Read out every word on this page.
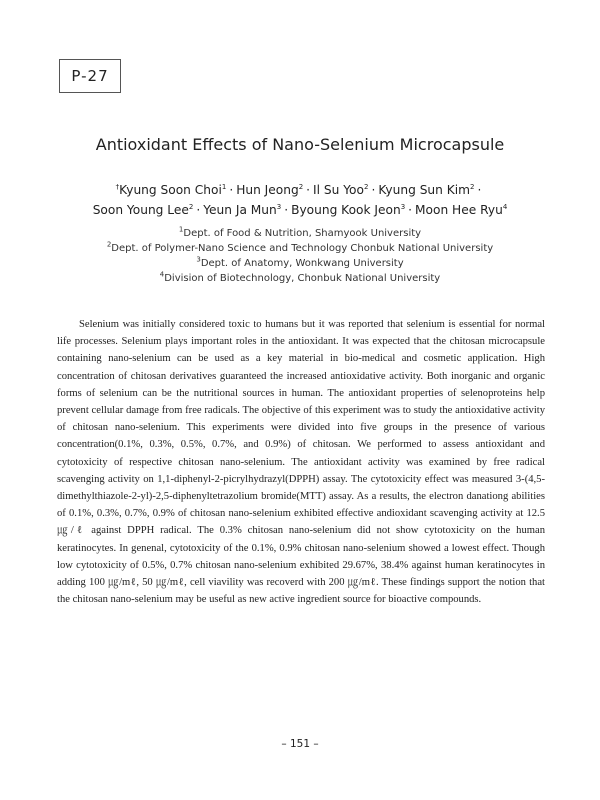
P-27
Antioxidant Effects of Nano-Selenium Microcapsule
†Kyung Soon Choi$^1$ · Hun Jeong$^2$ · Il Su Yoo$^2$ · Kyung Sun Kim$^2$ ·
Soon Young Lee$^2$ · Yeun Ja Mun$^3$ · Byoung Kook Jeon$^3$ · Moon Hee Ryu$^4$
$^1$Dept. of Food & Nutrition, Shamyook University
$^2$Dept. of Polymer-Nano Science and Technology Chonbuk National University
$^3$Dept. of Anatomy, Wonkwang University
$^4$Division of Biotechnology, Chonbuk National University

Selenium was initially considered toxic to humans but it was reported that selenium is essential for normal life processes. Selenium plays important roles in the antioxidant. It was expected that the chitosan microcapsule containing nano-selenium can be used as a key material in bio-medical and cosmetic application. High concentration of chitosan derivatives guaranteed the increased antioxidative activity. Both inorganic and organic forms of selenium can be the nutritional sources in human. The antioxidant properties of selenoproteins help prevent cellular damage from free radicals. The objective of this experiment was to study the antioxidative activity of chitosan nano-selenium. This experiments were divided into five groups in the presence of various concentration(0.1%, 0.3%, 0.5%, 0.7%, and 0.9%) of chitosan. We performed to assess antioxidant and cytotoxicity of respective chitosan nano-selenium. The antioxidant activity was examined by free radical scavenging activity on 1,1-diphenyl-2-picrylhydrazyl(DPPH) assay. The cytotoxicity effect was measured 3-(4,5-dimethylthiazole-2-yl)-2,5-diphenyltetrazolium bromide(MTT) assay. As a results, the electron danationg abilities of 0.1%, 0.3%, 0.7%, 0.9% of chitosan nano-selenium exhibited effective andioxidant scavenging activity at 12.5 ㎍/ℓ against DPPH radical. The 0.3% chitosan nano-selenium did not show cytotoxicity on the human keratinocytes. In genenal, cytotoxicity of the 0.1%, 0.9% chitosan nano-selenium showed a lowest effect. Though low cytotoxicity of 0.5%, 0.7% chitosan nano-selenium exhibited 29.67%, 38.4% against human keratinocytes in adding 100 ㎍/mℓ, 50 ㎍/mℓ, cell viavility was recoverd with 200 ㎍/mℓ. These findings support the notion that the chitosan nano-selenium may be useful as new active ingredient source for bioactive compounds.

– 151 –
